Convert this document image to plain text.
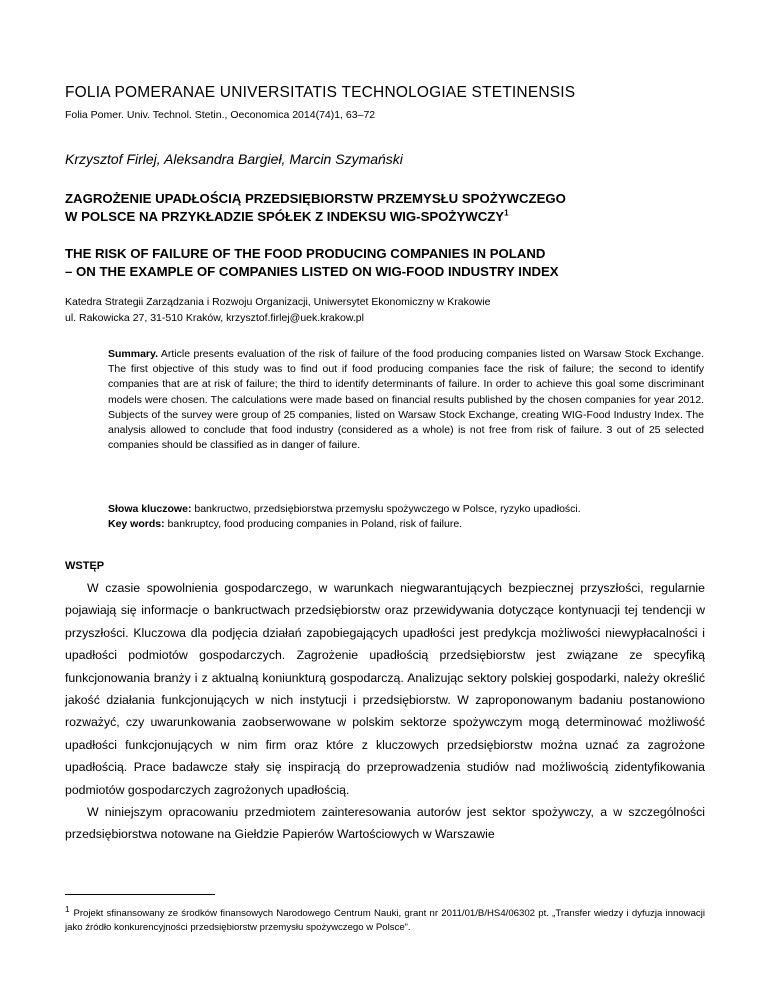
FOLIA POMERANAE UNIVERSITATIS TECHNOLOGIAE STETINENSIS
Folia Pomer. Univ. Technol. Stetin., Oeconomica 2014(74)1, 63–72
Krzysztof Firlej, Aleksandra Bargieł, Marcin Szymański
ZAGROŻENIE UPADŁOŚCIĄ PRZEDSIĘBIORSTW PRZEMYSŁU SPOŻYWCZEGO
W POLSCE NA PRZYKŁADZIE SPÓŁEK Z INDEKSU WIG-SPOŻYWCZY$^1$
THE RISK OF FAILURE OF THE FOOD PRODUCING COMPANIES IN POLAND
– ON THE EXAMPLE OF COMPANIES LISTED ON WIG-FOOD INDUSTRY INDEX
Katedra Strategii Zarządzania i Rozwoju Organizacji, Uniwersytet Ekonomiczny w Krakowie
ul. Rakowicka 27, 31-510 Kraków, krzysztof.firlej@uek.krakow.pl
Summary. Article presents evaluation of the risk of failure of the food producing companies listed on Warsaw Stock Exchange. The first objective of this study was to find out if food producing companies face the risk of failure; the second to identify companies that are at risk of failure; the third to identify determinants of failure. In order to achieve this goal some discriminant models were chosen. The calculations were made based on financial results published by the chosen companies for year 2012. Subjects of the survey were group of 25 companies, listed on Warsaw Stock Exchange, creating WIG-Food Industry Index. The analysis allowed to conclude that food industry (considered as a whole) is not free from risk of failure. 3 out of 25 selected companies should be classified as in danger of failure.
Słowa kluczowe: bankructwo, przedsiębiorstwa przemysłu spożywczego w Polsce, ryzyko upadłości.
Key words: bankruptcy, food producing companies in Poland, risk of failure.
WSTĘP

W czasie spowolnienia gospodarczego, w warunkach niegwarantujących bezpiecznej przyszłości, regularnie pojawiają się informacje o bankructwach przedsiębiorstw oraz przewidywania dotyczące kontynuacji tej tendencji w przyszłości. Kluczowa dla podjęcia działań zapobiegających upadłości jest predykcja możliwości niewypłacalności i upadłości podmiotów gospodarczych. Zagrożenie upadłością przedsiębiorstw jest związane ze specyfiką funkcjonowania branży i z aktualną koniunkturą gospodarczą. Analizując sektory polskiej gospodarki, należy określić jakość działania funkcjonujących w nich instytucji i przedsiębiorstw. W zaproponowanym badaniu postanowiono rozważyć, czy uwarunkowania zaobserwowane w polskim sektorze spożywczym mogą determinować możliwość upadłości funkcjonujących w nim firm oraz które z kluczowych przedsiębiorstw można uznać za zagrożone upadłością. Prace badawcze stały się inspiracją do przeprowadzenia studiów nad możliwością zidentyfikowania podmiotów gospodarczych zagrożonych upadłością.

W niniejszym opracowaniu przedmiotem zainteresowania autorów jest sektor spożywczy, a w szczególności przedsiębiorstwa notowane na Giełdzie Papierów Wartościowych w Warszawie

$^1$ Projekt sfinansowany ze środków finansowych Narodowego Centrum Nauki, grant nr 2011/01/B/HS4/06302 pt. „Transfer wiedzy i dyfuzja innowacji jako źródło konkurencyjności przedsiębiorstw przemysłu spożywczego w Polsce”.
